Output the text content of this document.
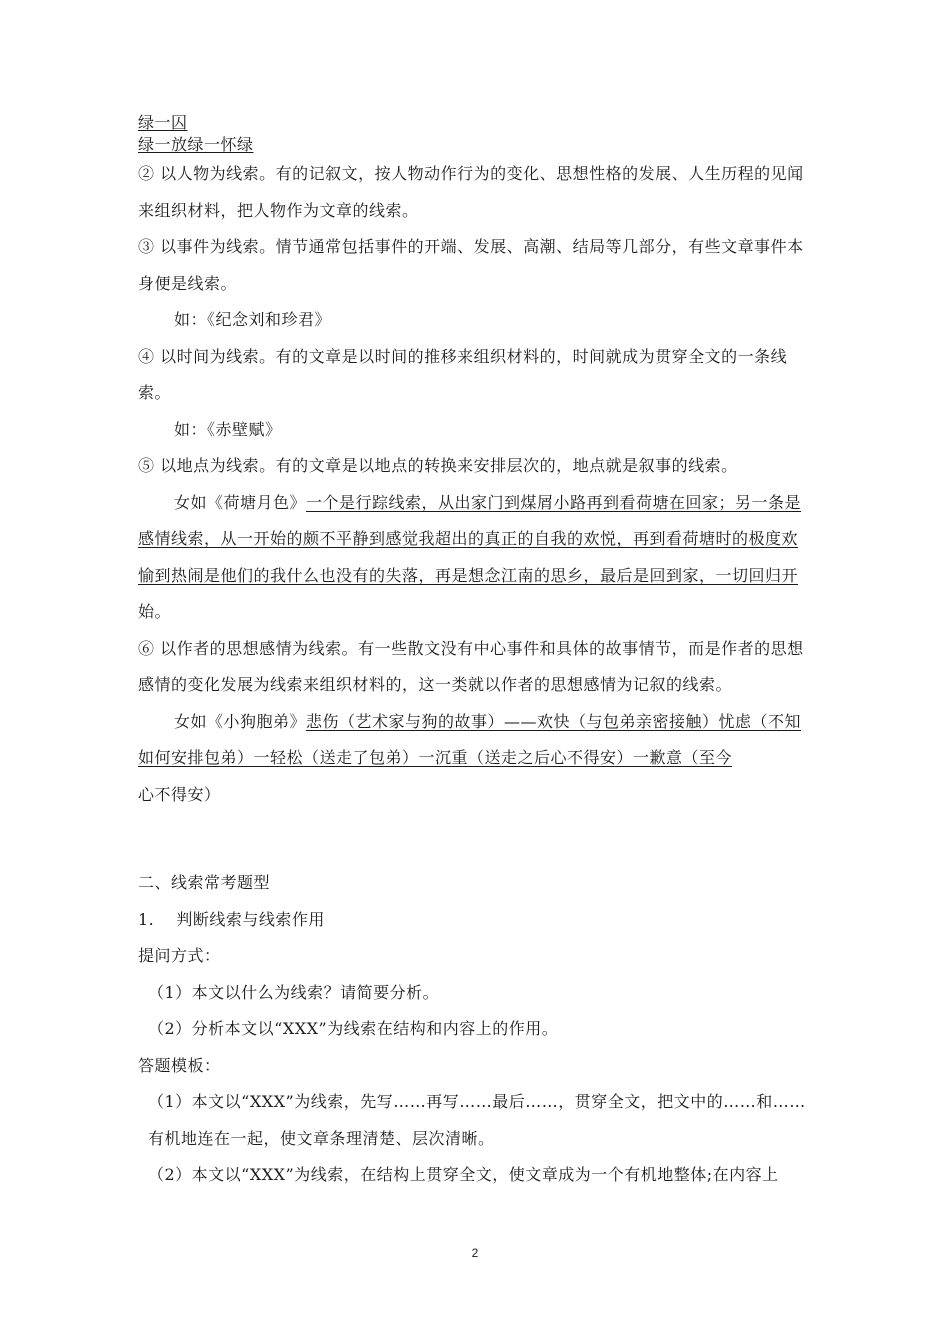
绿一囚

绿一放绿一怀绿

② 以人物为线索。有的记叙文，按人物动作行为的变化、思想性格的发展、人生历程的见闻来组织材料，把人物作为文章的线索。

③ 以事件为线索。情节通常包括事件的开端、发展、高潮、结局等几部分，有些文章事件本身便是线索。

如：《纪念刘和珍君》

④ 以时间为线索。有的文章是以时间的推移来组织材料的，时间就成为贯穿全文的一条线索。

如：《赤壁赋》

⑤ 以地点为线索。有的文章是以地点的转换来安排层次的，地点就是叙事的线索。

女如《荷塘月色》一个是行踪线索，从出家门到煤屑小路再到看荷塘在回家；另一条是感情线索，从一开始的颇不平静到感觉我超出的真正的自我的欢悦，再到看荷塘时的极度欢愉到热闹是他们的我什么也没有的失落，再是想念江南的思乡，最后是回到家，一切回归开始。

⑥ 以作者的思想感情为线索。有一些散文没有中心事件和具体的故事情节，而是作者的思想感情的变化发展为线索来组织材料的，这一类就以作者的思想感情为记叙的线索。

女如《小狗胞弟》悲伤（艺术家与狗的故事）——欢快（与包弟亲密接触）忧虑（不知如何安排包弟）一轻松（送走了包弟）一沉重（送走之后心不得安）一歉意（至今心不得安）

二、线索常考题型

1.　 判断线索与线索作用

提问方式：

（1）本文以什么为线索？请简要分析。

（2）分析本文以“XXX”为线索在结构和内容上的作用。

答题模板：

（1）本文以“XXX”为线索，先写……再写……最后……，贯穿全文，把文中的……和……有机地连在一起，使文章条理清楚、层次清晰。

（2）本文以“XXX”为线索，在结构上贯穿全文，使文章成为一个有机地整体;在内容上

2
